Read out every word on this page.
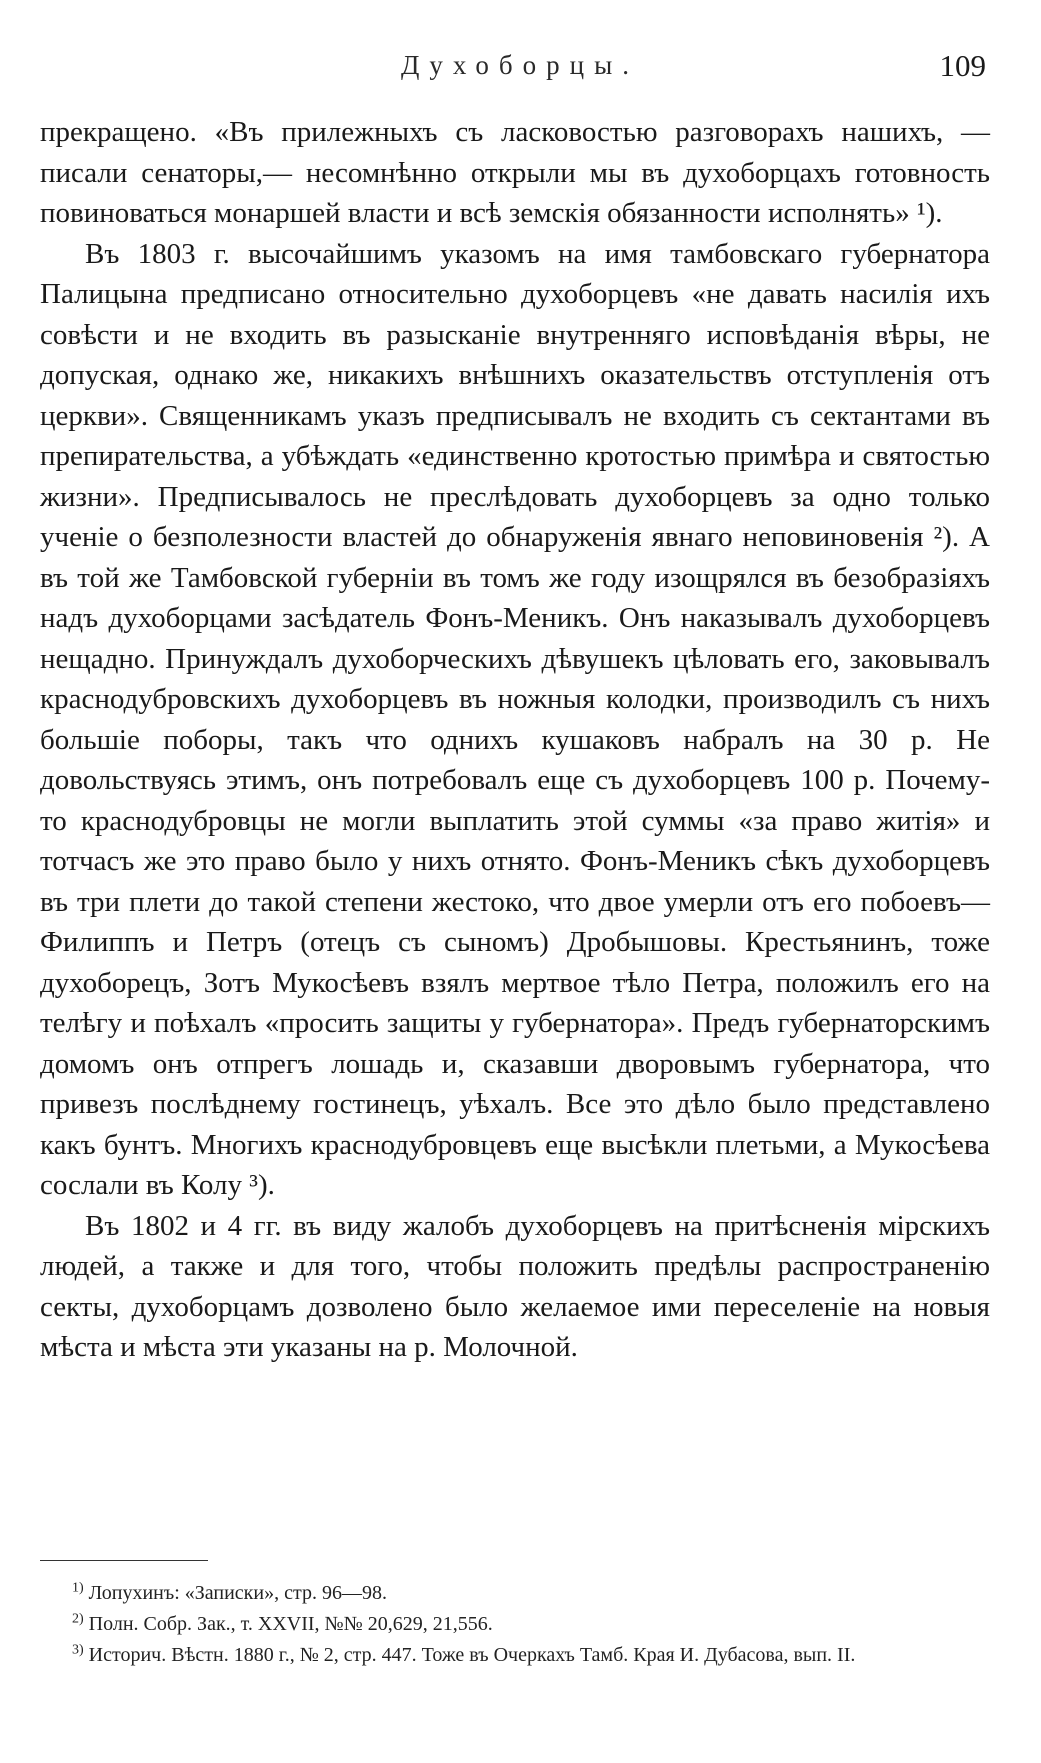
Духоборцы.	109

прекращено. «Въ прилежныхъ съ ласковостью разговорахъ нашихъ, —писали сенаторы,— несомнѣнно открыли мы въ духоборцахъ готовность повиноваться монаршей власти и всѣ земскія обязанности исполнять» ¹).

Въ 1803 г. высочайшимъ указомъ на имя тамбовскаго губернатора Палицына предписано относительно духоборцевъ «не давать насилія ихъ совѣсти и не входить въ разысканіе внутренняго исповѣданія вѣры, не допуская, однако же, никакихъ внѣшнихъ оказательствъ отступленія отъ церкви». Священникамъ указъ предписывалъ не входить съ сектантами въ препирательства, а убѣждать «единственно кротостью примѣра и святостью жизни». Предписывалось не преслѣдовать духоборцевъ за одно только ученіе о безполезности властей до обнаруженія явнаго неповиновенія ²). А въ той же Тамбовской губерніи въ томъ же году изощрялся въ безобразіяхъ надъ духоборцами засѣдатель Фонъ-Меникъ. Онъ наказывалъ духоборцевъ нещадно. Принуждалъ духоборческихъ дѣвушекъ цѣловать его, заковывалъ краснодубровскихъ духоборцевъ въ ножныя колодки, производилъ съ нихъ большіе поборы, такъ что однихъ кушаковъ набралъ на 30 р. Не довольствуясь этимъ, онъ потребовалъ еще съ духоборцевъ 100 р. Почему-то краснодубровцы не могли выплатить этой суммы «за право житія» и тотчасъ же это право было у нихъ отнято. Фонъ-Меникъ сѣкъ духоборцевъ въ три плети до такой степени жестоко, что двое умерли отъ его побоевъ—Филиппъ и Петръ (отецъ съ сыномъ) Дробышовы. Крестьянинъ, тоже духоборецъ, Зотъ Мукосѣевъ взялъ мертвое тѣло Петра, положилъ его на телѣгу и поѣхалъ «просить защиты у губернатора». Предъ губернаторскимъ домомъ онъ отпрегъ лошадь и, сказавши дворовымъ губернатора, что привезъ послѣднему гостинецъ, уѣхалъ. Все это дѣло было представлено какъ бунтъ. Многихъ краснодубровцевъ еще высѣкли плетьми, а Мукосѣева сослали въ Колу ³).

Въ 1802 и 4 гг. въ виду жалобъ духоборцевъ на притѣсненія мірскихъ людей, а также и для того, чтобы положить предѣлы распространенію секты, духоборцамъ дозволено было желаемое ими переселеніе на новыя мѣста и мѣста эти указаны на р. Молочной.

$^{1)}$ Лопухинъ: «Записки», стр. 96—98.

$^{2)}$ Полн. Собр. Зак., т. XXVII, №№ 20,629, 21,556.

$^{3)}$ Историч. Вѣстн. 1880 г., № 2, стр. 447. Тоже въ Очеркахъ Тамб. Края И. Дубасова, вып. II.
